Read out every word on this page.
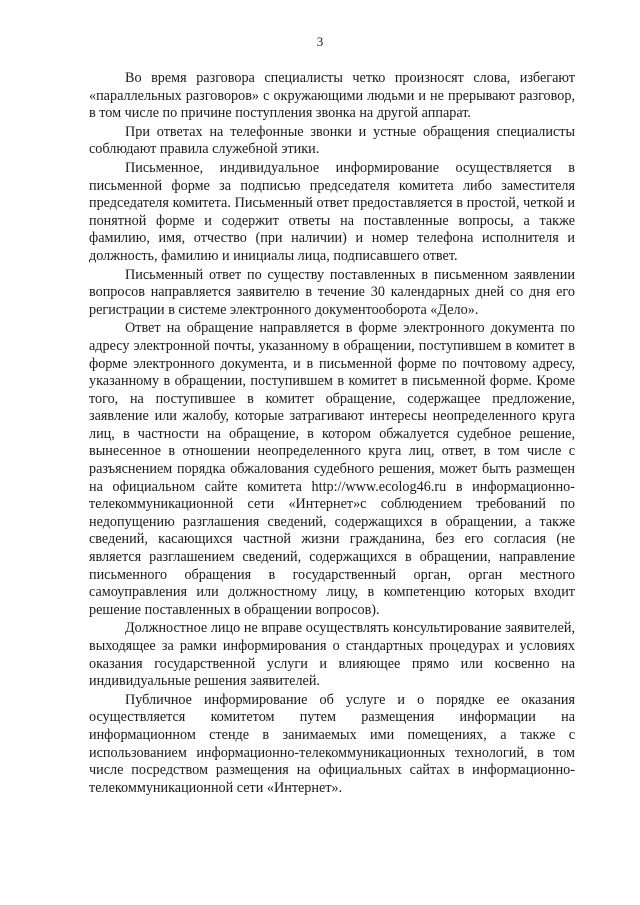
3

Во время разговора специалисты четко произносят слова, избегают «параллельных разговоров» с окружающими людьми и не прерывают разговор, в том числе по причине поступления звонка на другой аппарат.

При ответах на телефонные звонки и устные обращения специалисты соблюдают правила служебной этики.

Письменное, индивидуальное информирование осуществляется в письменной форме за подписью председателя комитета либо заместителя председателя комитета. Письменный ответ предоставляется в простой, четкой и понятной форме и содержит ответы на поставленные вопросы, а также фамилию, имя, отчество (при наличии) и номер телефона исполнителя и должность, фамилию и инициалы лица, подписавшего ответ.

Письменный ответ по существу поставленных в письменном заявлении вопросов направляется заявителю в течение 30 календарных дней со дня его регистрации в системе электронного документооборота «Дело».

Ответ на обращение направляется в форме электронного документа по адресу электронной почты, указанному в обращении, поступившем в комитет в форме электронного документа, и в письменной форме по почтовому адресу, указанному в обращении, поступившем в комитет в письменной форме. Кроме того, на поступившее в комитет обращение, содержащее предложение, заявление или жалобу, которые затрагивают интересы неопределенного круга лиц, в частности на обращение, в котором обжалуется судебное решение, вынесенное в отношении неопределенного круга лиц, ответ, в том числе с разъяснением порядка обжалования судебного решения, может быть размещен на официальном сайте комитета http://www.ecolog46.ru в информационно-телекоммуникационной сети «Интернет»с соблюдением требований по недопущению разглашения сведений, содержащихся в обращении, а также сведений, касающихся частной жизни гражданина, без его согласия (не является разглашением сведений, содержащихся в обращении, направление письменного обращения в государственный орган, орган местного самоуправления или должностному лицу, в компетенцию которых входит решение поставленных в обращении вопросов).

Должностное лицо не вправе осуществлять консультирование заявителей, выходящее за рамки информирования о стандартных процедурах и условиях оказания государственной услуги и влияющее прямо или косвенно на индивидуальные решения заявителей.

Публичное информирование об услуге и о порядке ее оказания осуществляется комитетом путем размещения информации на информационном стенде в занимаемых ими помещениях, а также с использованием информационно-телекоммуникационных технологий, в том числе посредством размещения на официальных сайтах в информационно-телекоммуникационной сети «Интернет».
